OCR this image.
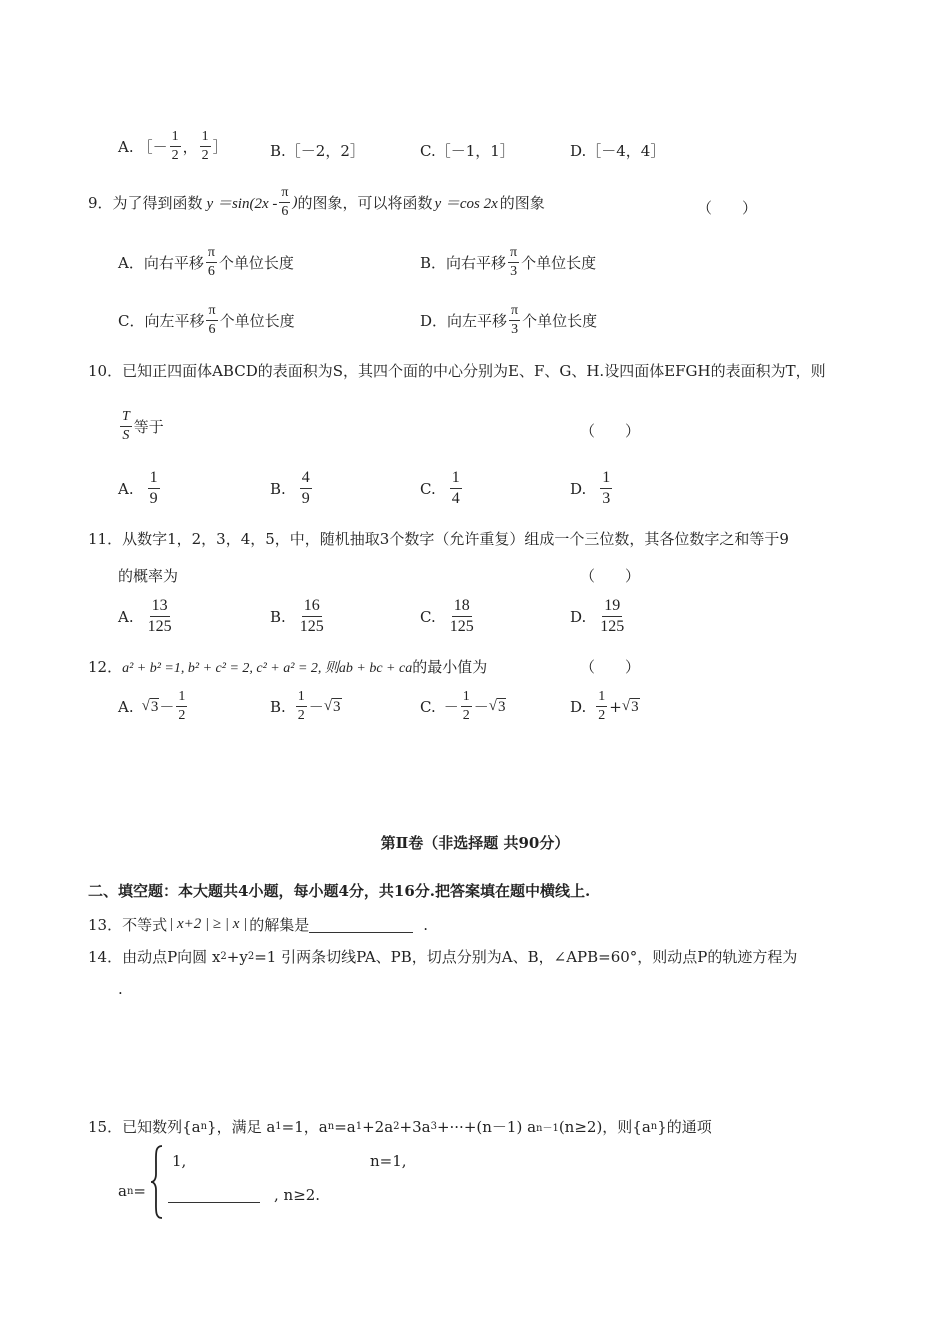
A. ［－ $\frac{1}{2}$ ， $\frac{1}{2}$ ］	B.［－2，2］	C.［－1，1］	D.［－4，4］
9．为了得到函数 $y =\sin(2x - \frac{\pi}{6}$ ) 的图象，可以将函数 y ＝cos 2x 的图象	（　　）
A．向右平移 $\frac{\pi}{6}$ 个单位长度	B．向右平移 $\frac{\pi}{3}$ 个单位长度
C．向左平移 $\frac{\pi}{6}$ 个单位长度	D．向左平移 $\frac{\pi}{3}$ 个单位长度
10．已知正四面体ABCD的表面积为S，其四个面的中心分别为E、F、G、H.设四面体EFGH的表面积为T，则
$\frac{T}{S}$ 等于	（　　）
A. $\frac{1}{9}$	B. $\frac{4}{9}$	C. $\frac{1}{4}$	D. $\frac{1}{3}$
11．从数字1，2，3，4，5，中，随机抽取3个数字（允许重复）组成一个三位数，其各位数字之和等于9
的概率为	（　　）
A. $\frac{13}{125}$	B. $\frac{16}{125}$	C. $\frac{18}{125}$	D. $\frac{19}{125}$
12． a² + b² =1, b² + c² = 2, c² + a² = 2, 则ab + bc + ca 的最小值为	（　　）
A. √ $3 - \frac{1}{2}$	B. $\frac{1}{2}$ － √ 3	C. － $\frac{1}{2}$ － √ 3	D. $\frac{1}{2}$ + √ 3
第Ⅱ卷（非选择题 共90分）
二、填空题：本大题共4小题，每小题4分，共16分.把答案填在题中横线上.
13．不等式 | x+2 | ≥ | x | 的解集是	.
14．由动点P向圆 x 2 +y 2 =1 引两条切线PA、PB，切点分别为A、B，∠APB=60°，则动点P的轨迹方程为
.
15．已知数列{a n }，满足 a 1 =1，a n =a 1 +2a 2 +3a 3 +···+(n－1) a n－1 (n≥2)，则{a n }的通项
a n =
1,	n=1,
, n≥2.
